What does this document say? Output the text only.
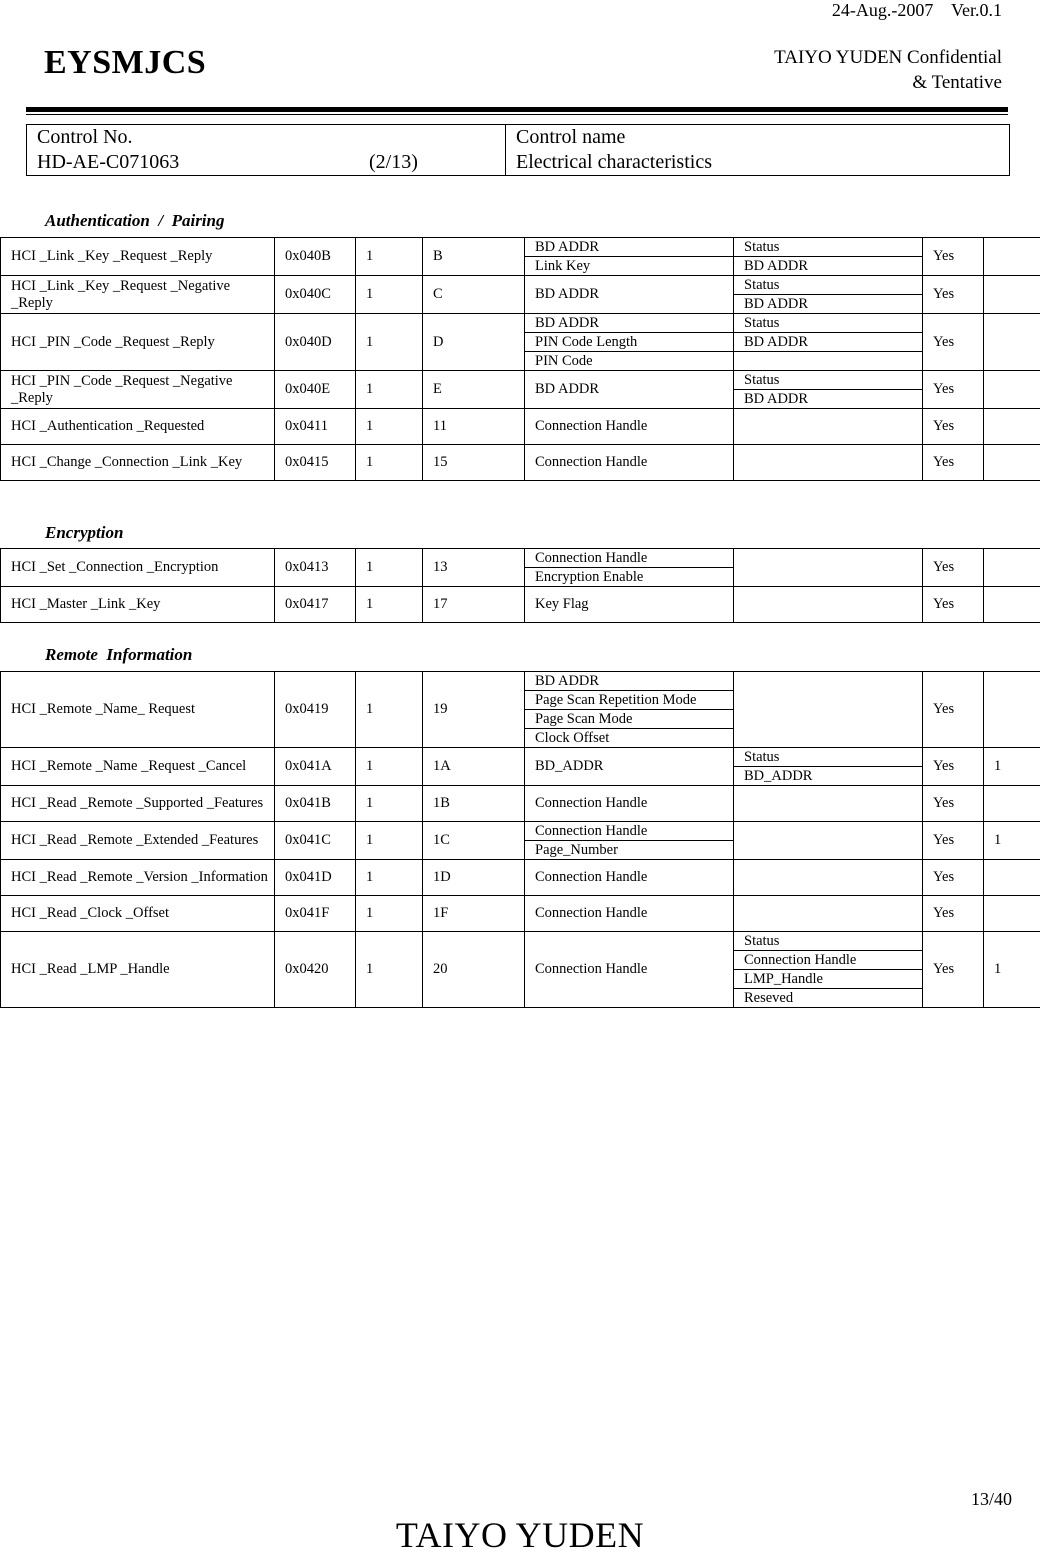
24-Aug.-2007    Ver.0.1
EYSMJCS	TAIYO YUDEN Confidential
& Tentative
Control No.
HD-AE-C071063	(2/13)

Control name
Electrical characteristics
Authentication  /  Pairing
Encryption
Remote  Information
HCI _Link _Key _Request _Reply	0x040B	1	B	BD ADDR	Status	Yes	
				Link Key	BD ADDR		
HCI _Link _Key _Request _Negative _Reply	0x040C	1	C	BD ADDR	Status	Yes	
					BD ADDR		
HCI _PIN _Code _Request _Reply	0x040D	1	D	BD ADDR	Status	Yes	
				PIN Code Length	BD ADDR		
				PIN Code			
HCI _PIN _Code _Request _Negative _Reply	0x040E	1	E	BD ADDR	Status	Yes	
					BD ADDR		
HCI _Authentication _Requested	0x0411	1	11	Connection Handle		Yes	
HCI _Change _Connection _Link _Key	0x0415	1	15	Connection Handle		Yes	
HCI _Set _Connection _Encryption	0x0413	1	13	Connection Handle		Yes	
				Encryption Enable			
HCI _Master _Link _Key	0x0417	1	17	Key Flag		Yes	
HCI _Remote _Name_ Request	0x0419	1	19	BD ADDR		Yes	
				Page Scan Repetition Mode			
				Page Scan Mode			
				Clock Offset			
HCI _Remote _Name _Request _Cancel	0x041A	1	1A	BD_ADDR	Status	Yes	1
					BD_ADDR		
HCI _Read _Remote _Supported _Features	0x041B	1	1B	Connection Handle		Yes	
HCI _Read _Remote _Extended _Features	0x041C	1	1C	Connection Handle		Yes	1
				Page_Number			
HCI _Read _Remote _Version _Information	0x041D	1	1D	Connection Handle		Yes	
HCI _Read _Clock _Offset	0x041F	1	1F	Connection Handle		Yes	
HCI _Read _LMP _Handle	0x0420	1	20	Connection Handle	Status	Yes	1
					Connection Handle		
					LMP_Handle		
					Reseved		
13/40
TAIYO YUDEN
